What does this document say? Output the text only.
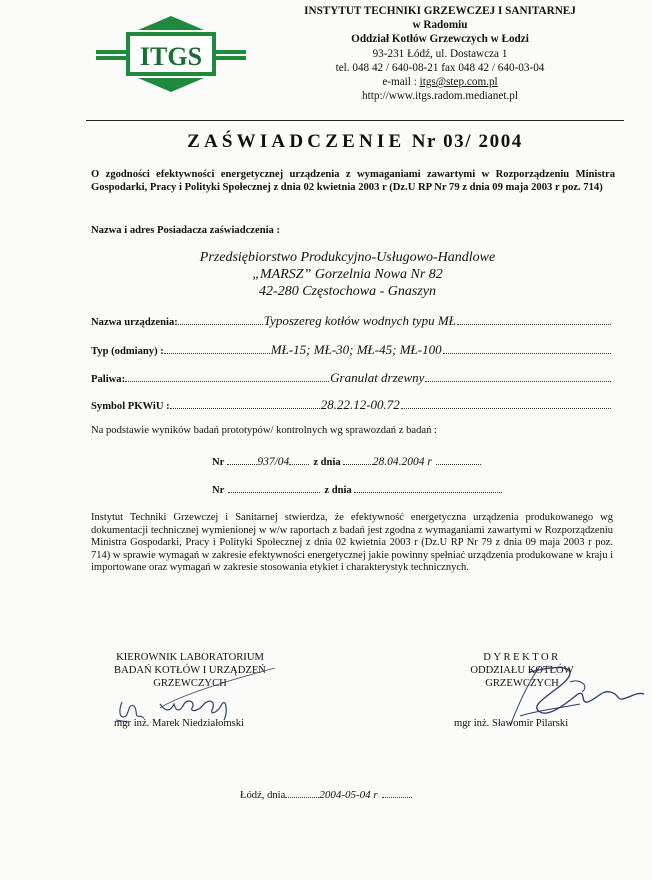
ITGS
INSTYTUT TECHNIKI GRZEWCZEJ I SANITARNEJ
w Radomiu
Oddział Kotłów Grzewczych w Łodzi
93-231 Łódź, ul. Dostawcza 1
tel. 048 42 / 640-08-21 fax 048 42 / 640-03-04
e-mail : itgs@step.com.pl
http://www.itgs.radom.medianet.pl
ZAŚWIADCZENIE Nr 03/ 2004
O zgodności efektywności energetycznej urządzenia z wymaganiami zawartymi w Rozporządzeniu Ministra Gospodarki, Pracy i Polityki Społecznej z dnia 02 kwietnia 2003 r (Dz.U RP Nr 79 z dnia 09 maja 2003 r poz. 714)
Nazwa i adres Posiadacza zaświadczenia :
Przedsiębiorstwo Produkcyjno-Usługowo-Handlowe
„MARSZ” Gorzelnia Nowa Nr 82
42-280 Częstochowa - Gnaszyn
Nazwa urządzenia:	Typoszereg kotłów wodnych typu MŁ
Typ (odmiany) :	MŁ-15; MŁ-30; MŁ-45; MŁ-100
Paliwa:	Granulat drzewny
Symbol PKWiU :	28.22.12-00.72
Na podstawie wyników badań prototypów/ kontrolnych wg sprawozdań z badań :
Nr	937/04 z dnia	28.04.2004 r
Nr	z dnia
Instytut Techniki Grzewczej i Sanitarnej stwierdza, że efektywność energetyczna urządzenia produkowanego wg dokumentacji technicznej wymienionej w w/w raportach z badań jest zgodna z wymaganiami zawartymi w Rozporządzeniu Ministra Gospodarki, Pracy i Polityki Społecznej z dnia 02 kwietnia 2003 r (Dz.U RP Nr 79 z dnia 09 maja 2003 r poz. 714) w sprawie wymagań w zakresie efektywności energetycznej jakie powinny spełniać urządzenia produkowane w kraju i importowane oraz wymagań w zakresie stosowania etykiet i charakterystyk technicznych.
KIEROWNIK LABORATORIUM
BADAŃ KOTŁÓW I URZĄDZEŃ
GRZEWCZYCH
DYREKTOR
ODDZIAŁU KOTŁÓW
GRZEWCZYCH
mgr inż. Marek Niedziałomski	mgr inż. Sławomir Pilarski
Łódź, dnia	2004-05-04 r
